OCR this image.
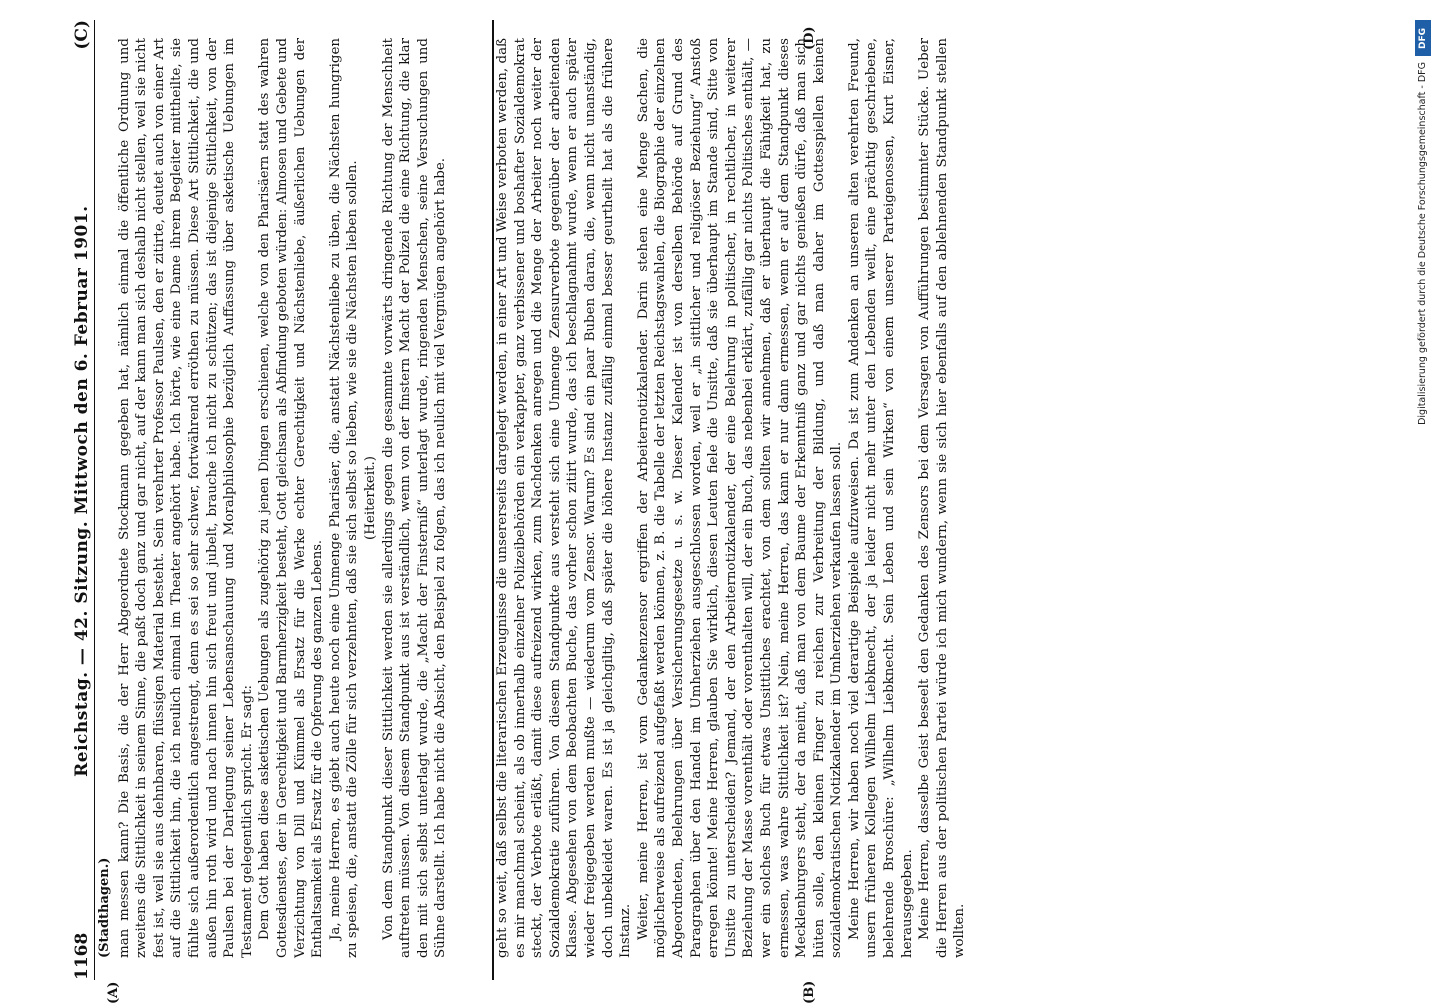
DFG
Digitalisierung gefördert durch die Deutsche Forschungsgemeinschaft - DFG
1168
Reichstag. — 42. Sitzung. Mittwoch den 6. Februar 1901.
(C)
(Stadthagen.) man messen kann? Die Basis, die der Herr Abgeordnete Stockmann gegeben hat, nämlich einmal die öffentliche Ordnung und zweitens die Sittlichkeit in seinem Sinne, die paßt doch ganz und gar nicht, auf der kann man sich deshalb nicht stellen, weil sie nicht fest ist, weil sie aus dehnbaren, flüssigen Material besteht. Sein verehrter Professor Paulsen, den er zitirte, deutet auch von einer Art auf die Sittlichkeit hin, die ich neulich einmal im Theater angehört habe. Ich hörte, wie eine Dame ihrem Begleiter mittheilte, sie fühlte sich außerordentlich angestrengt, denn es sei so sehr schwer, fortwährend erröthen zu müssen. Diese Art Sittlichkeit, die und außen hin roth wird und nach innen hin sich freut und jubelt, brauche ich nicht zu schützen; das ist diejenige Sittlichkeit, von der Paulsen bei der Darlegung seiner Lebensanschauung und Moralphilosophie bezüglich Auffassung über asketische Uebungen im Testament gelegentlich spricht. Er sagt: Dem Gott haben diese asketischen Uebungen als zugehörig zu jenen Dingen erschienen, welche von den Pharisäern statt des wahren Gottesdienstes, der in Gerechtigkeit und Barmherzigkeit besteht, Gott gleichsam als Abfindung geboten würden: Almosen und Gebete und Verzichtung von Dill und Kümmel als Ersatz für die Werke echter Gerechtigkeit und Nächstenliebe, äußerlichen Uebungen der Enthaltsamkeit als Ersatz für die Opferung des ganzen Lebens. Ja, meine Herren, es giebt auch heute noch eine Unmenge Pharisäer, die, anstatt Nächstenliebe zu üben, die Nächsten hungrigen zu speisen, die, anstatt die Zölle für sich verzehnten, daß sie sich selbst so lieben, wie sie die Nächsten lieben sollen. (Heiterkeit.) Von dem Standpunkt dieser Sittlichkeit werden sie allerdings gegen die gesammte vorwärts dringende Richtung der Menschheit auftreten müssen. Von diesem Standpunkt aus ist verständlich, wenn von der finstern Macht der Polizei die eine Richtung, die klar den mit sich selbst unterlagt wurde, die „Macht der Finsterniß“ unterlagt wurde, ringenden Menschen, seine Versuchungen und Sühne darstellt. Ich habe nicht die Absicht, den Beispiel zu folgen, das ich neulich mit viel Vergnügen angehört habe.	geht so weit, daß selbst die literarischen Erzeugnisse die unsererseits dargelegt werden, in einer Art und Weise verboten werden, daß es mir manchmal scheint, als ob innerhalb einzelner Polizeibehörden ein verkappter, ganz verbissener und boshafter Sozialdemokrat steckt, der Verbote erläßt, damit diese aufreizend wirken, zum Nachdenken anregen und die Menge der Arbeiter noch weiter der Sozialdemokratie zuführen. Von diesem Standpunkte aus versteht sich eine Unmenge Zensurverbote gegenüber der arbeitenden Klasse. Abgesehen von dem Beobachten Buche, das vorher schon zitirt wurde, das ich beschlagnahmt wurde, wenn er auch später wieder freigegeben werden mußte — wiederum vom Zensor. Warum? Es sind ein paar Buben daran, die, wenn nicht unanständig, doch unbekleidet waren. Es ist ja gleichgiltig, daß später die höhere Instanz zufällig einmal besser geurtheilt hat als die frühere Instanz. Weiter, meine Herren, ist vom Gedankenzensor ergriffen der Arbeiternotizkalender. Darin stehen eine Menge Sachen, die möglicherweise als aufreizend aufgefaßt werden können, z. B. die Tabelle der letzten Reichstagswahlen, die Biographie der einzelnen Abgeordneten, Belehrungen über Versicherungsgesetze u. s. w. Dieser Kalender ist von derselben Behörde auf Grund des Paragraphen über den Handel im Umherziehen ausgeschlossen worden, weil er „in sittlicher und religiöser Beziehung“ Anstoß erregen könnte! Meine Herren, glauben Sie wirklich, diesen Leuten fiele die Unsitte, daß sie überhaupt im Stande sind, Sitte von Unsitte zu unterscheiden? Jemand, der den Arbeiternotizkalender, der eine Belehrung in politischer, in rechtlicher, in weiterer Beziehung der Masse vorenthält oder vorenthalten will, der ein Buch, das nebenbei erklärt, zufällig gar nichts Politisches enthält, — wer ein solches Buch für etwas Unsittliches erachtet, von dem sollten wir annehmen, daß er überhaupt die Fähigkeit hat, zu ermessen, was wahre Sittlichkeit ist? Nein, meine Herren, das kann er nur dann ermessen, wenn er auf dem Standpunkt dieses Mecklenburgers steht, der da meint, daß man von dem Baume der Erkenntniß ganz und gar nichts genießen dürfe, daß man sich hüten solle, den kleinen Finger zu reichen zur Verbreitung der Bildung, und daß man daher im Gottesspiellen keinen sozialdemokratischen Notizkalender im Umherziehen verkaufen lassen soll. Meine Herren, wir haben noch viel derartige Beispiele aufzuweisen. Da ist zum Andenken an unseren alten verehrten Freund, unsern früheren Kollegen Wilhelm Liebknecht, der ja leider nicht mehr unter den Lebenden weilt, eine prächtig geschriebene, belehrende Broschüre: „Wilhelm Liebknecht. Sein Leben und sein Wirken“ von einem unserer Parteigenossen, Kurt Eisner, herausgegeben. Meine Herren, dasselbe Geist beseelt den Gedanken des Zensors bei dem Versagen von Aufführungen bestimmter Stücke. Ueber die Herren aus der politischen Partei würde ich mich wundern, wenn sie sich hier ebenfalls auf den ablehnenden Standpunkt stellen wollten.

(A)	(B)
(D)
